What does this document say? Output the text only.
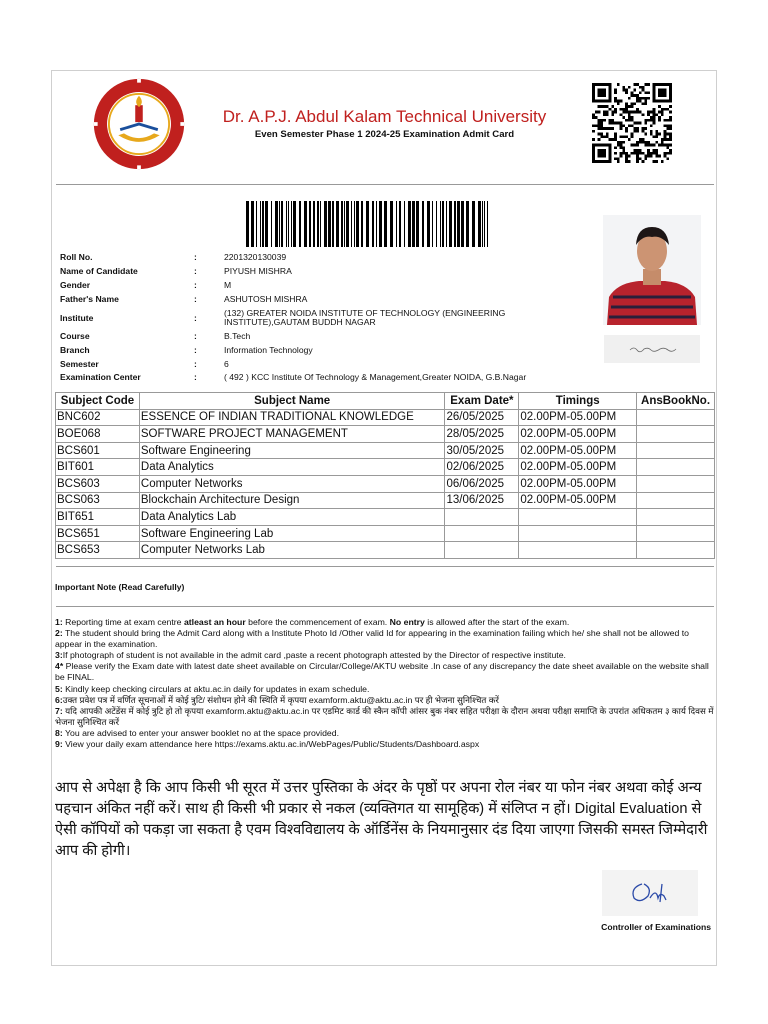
Dr. A.P.J. Abdul Kalam Technical University
Even Semester Phase 1 2024-25 Examination Admit Card
Roll No.	:	2201320130039
Name of Candidate	:	PIYUSH MISHRA
Gender	:	M
Father's Name	:	ASHUTOSH MISHRA
Institute	:	(132) GREATER NOIDA INSTITUTE OF TECHNOLOGY (ENGINEERING
INSTITUTE),GAUTAM BUDDH NAGAR
Course	:	B.Tech
Branch	:	Information Technology
Semester	:	6
Examination Center	:	( 492 ) KCC Institute Of Technology & Management,Greater NOIDA, G.B.Nagar
Subject Code	Subject Name	Exam Date*	Timings	AnsBookNo.
BNC602	ESSENCE OF INDIAN TRADITIONAL KNOWLEDGE	26/05/2025	02.00PM-05.00PM	
BOE068	SOFTWARE PROJECT MANAGEMENT	28/05/2025	02.00PM-05.00PM	
BCS601	Software Engineering	30/05/2025	02.00PM-05.00PM	
BIT601	Data Analytics	02/06/2025	02.00PM-05.00PM	
BCS603	Computer Networks	06/06/2025	02.00PM-05.00PM	
BCS063	Blockchain Architecture Design	13/06/2025	02.00PM-05.00PM	
BIT651	Data Analytics Lab			
BCS651	Software Engineering Lab			
BCS653	Computer Networks Lab			
Important Note (Read Carefully)

1: Reporting time at exam centre atleast an hour before the commencement of exam. No entry is allowed after the start of the exam.

2: The student should bring the Admit Card along with a Institute Photo Id /Other valid Id for appearing in the examination failing which he/ she shall not be allowed to appear in the examination.

3:If photograph of student is not available in the admit card ,paste a recent photograph attested by the Director of respective institute.

4* Please verify the Exam date with latest date sheet available on Circular/College/AKTU website .In case of any discrepancy the date sheet available on the website shall be FINAL.

5: Kindly keep checking circulars at aktu.ac.in daily for updates in exam schedule.

6:उक्त प्रवेश पत्र में वर्णित सूचनाओं में कोई त्रुटि/ संशोधन होने की स्थिति में कृपया examform.aktu@aktu.ac.in पर ही भेजना सुनिश्चित करें

7: यदि आपकी अटेंडेंस में कोई त्रुटि हो तो कृपया examform.aktu@aktu.ac.in पर एडमिट कार्ड की स्कैन कॉपी आंसर बुक नंबर सहित परीक्षा के दौरान अथवा परीक्षा समाप्ति के उपरांत अधिकतम ३ कार्य दिवस में भेजना सुनिश्चित करें

8: You are advised to enter your answer booklet no at the space provided.

9: View your daily exam attendance here https://exams.aktu.ac.in/WebPages/Public/Students/Dashboard.aspx

आप से अपेक्षा है कि आप किसी भी सूरत में उत्तर पुस्तिका के अंदर के पृष्ठों पर अपना रोल नंबर या फोन नंबर अथवा कोई अन्य पहचान अंकित नहीं करें। साथ ही किसी भी प्रकार से नकल (व्यक्तिगत या सामूहिक) में संलिप्त न हों। Digital Evaluation से ऐसी कॉपियों को पकड़ा जा सकता है एवम विश्वविद्यालय के ऑर्डिनेंस के नियमानुसार दंड दिया जाएगा जिसकी समस्त जिम्मेदारी आप की होगी।
Controller of Examinations
